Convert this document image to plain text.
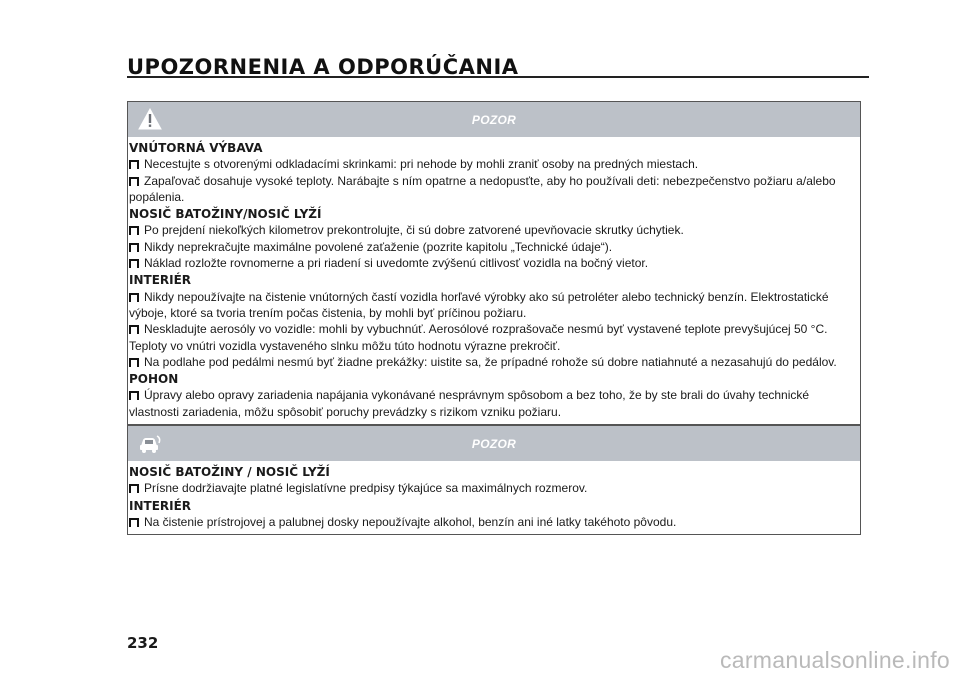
UPOZORNENIA A ODPORÚČANIA
POZOR
VNÚTORNÁ VÝBAVA
Necestujte s otvorenými odkladacími skrinkami: pri nehode by mohli zraniť osoby na predných miestach.
Zapaľovač dosahuje vysoké teploty. Narábajte s ním opatrne a nedopusťte, aby ho používali deti: nebezpečenstvo požiaru a/alebo popálenia.
NOSIČ BATOŽINY/NOSIČ LYŽÍ
Po prejdení niekoľkých kilometrov prekontrolujte, či sú dobre zatvorené upevňovacie skrutky úchytiek.
Nikdy neprekračujte maximálne povolené zaťaženie (pozrite kapitolu „Technické údaje“).
Náklad rozložte rovnomerne a pri riadení si uvedomte zvýšenú citlivosť vozidla na bočný vietor.
INTERIÉR
Nikdy nepoužívajte na čistenie vnútorných častí vozidla horľavé výrobky ako sú petroléter alebo technický benzín. Elektrostatické výboje, ktoré sa tvoria trením počas čistenia, by mohli byť príčinou požiaru.
Neskladujte aerosóly vo vozidle: mohli by vybuchnúť. Aerosólové rozprašovače nesmú byť vystavené teplote prevyšujúcej 50 °C. Teploty vo vnútri vozidla vystaveného slnku môžu túto hodnotu výrazne prekročiť.
Na podlahe pod pedálmi nesmú byť žiadne prekážky: uistite sa, že prípadné rohože sú dobre natiahnuté a nezasahujú do pedálov.
POHON
Úpravy alebo opravy zariadenia napájania vykonávané nesprávnym spôsobom a bez toho, že by ste brali do úvahy technické vlastnosti zariadenia, môžu spôsobiť poruchy prevádzky s rizikom vzniku požiaru.
POZOR
NOSIČ BATOŽINY / NOSIČ LYŽÍ
Prísne dodržiavajte platné legislatívne predpisy týkajúce sa maximálnych rozmerov.
INTERIÉR
Na čistenie prístrojovej a palubnej dosky nepoužívajte alkohol, benzín ani iné latky takéhoto pôvodu.
232
carmanualsonline.info
